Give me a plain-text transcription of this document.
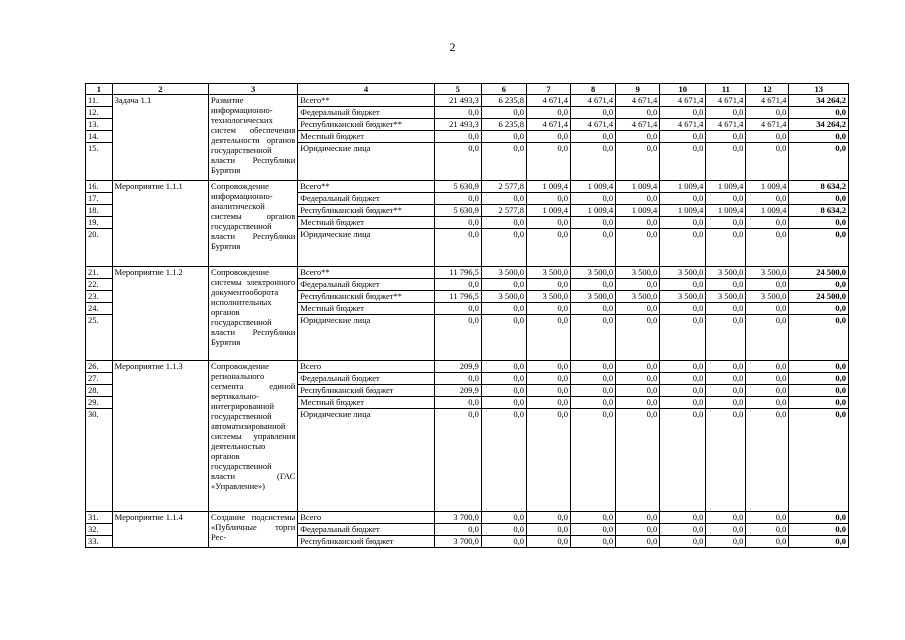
2
1	2	3	4	5	6	7	8	9	10	11	12	13
11.	Задача 1.1	Развитие информационно-технологических систем обеспечения деятельности органов государственной власти Республики Бурятия	Всего**	21 493,3	6 235,8	4 671,4	4 671,4	4 671,4	4 671,4	4 671,4	4 671,4	34 264,2
12.			Федеральный бюджет	0,0	0,0	0,0	0,0	0,0	0,0	0,0	0,0	0,0
13.			Республиканский бюджет**	21 493,3	6 235,8	4 671,4	4 671,4	4 671,4	4 671,4	4 671,4	4 671,4	34 264,2
14.			Местный бюджет	0,0	0,0	0,0	0,0	0,0	0,0	0,0	0,0	0,0
15.			Юридические лица	0,0	0,0	0,0	0,0	0,0	0,0	0,0	0,0	0,0
16.	Мероприятие 1.1.1	Сопровождение информационно-аналитической системы органов государственной власти Республики Бурятия	Всего**	5 630,9	2 577,8	1 009,4	1 009,4	1 009,4	1 009,4	1 009,4	1 009,4	8 634,2
17.			Федеральный бюджет	0,0	0,0	0,0	0,0	0,0	0,0	0,0	0,0	0,0
18.			Республиканский бюджет**	5 630,9	2 577,8	1 009,4	1 009,4	1 009,4	1 009,4	1 009,4	1 009,4	8 634,2
19.			Местный бюджет	0,0	0,0	0,0	0,0	0,0	0,0	0,0	0,0	0,0
20.			Юридические лица	0,0	0,0	0,0	0,0	0,0	0,0	0,0	0,0	0,0
21.	Мероприятие 1.1.2	Сопровождение системы электронного документооборота исполнительных органов государственной власти Республики Бурятия	Всего**	11 796,5	3 500,0	3 500,0	3 500,0	3 500,0	3 500,0	3 500,0	3 500,0	24 500,0
22.			Федеральный бюджет	0,0	0,0	0,0	0,0	0,0	0,0	0,0	0,0	0,0
23.			Республиканский бюджет**	11 796,5	3 500,0	3 500,0	3 500,0	3 500,0	3 500,0	3 500,0	3 500,0	24 500,0
24.			Местный бюджет	0,0	0,0	0,0	0,0	0,0	0,0	0,0	0,0	0,0
25.			Юридические лица	0,0	0,0	0,0	0,0	0,0	0,0	0,0	0,0	0,0
26.	Мероприятие 1.1.3	Сопровождение регионального сегмента единой вертикально-интегрированной государственной автоматизированной системы управления деятельностью органов государственной власти (ГАС «Управление»)	Всего	209,9	0,0	0,0	0,0	0,0	0,0	0,0	0,0	0,0
27.			Федеральный бюджет	0,0	0,0	0,0	0,0	0,0	0,0	0,0	0,0	0,0
28.			Республиканский бюджет	209,9	0,0	0,0	0,0	0,0	0,0	0,0	0,0	0,0
29.			Местный бюджет	0,0	0,0	0,0	0,0	0,0	0,0	0,0	0,0	0,0
30.			Юридические лица	0,0	0,0	0,0	0,0	0,0	0,0	0,0	0,0	0,0
31.	Мероприятие 1.1.4	Создание подсистемы «Публичные торги Рес-	Всего	3 700,0	0,0	0,0	0,0	0,0	0,0	0,0	0,0	0,0
32.			Федеральный бюджет	0,0	0,0	0,0	0,0	0,0	0,0	0,0	0,0	0,0
33.			Республиканский бюджет	3 700,0	0,0	0,0	0,0	0,0	0,0	0,0	0,0	0,0
